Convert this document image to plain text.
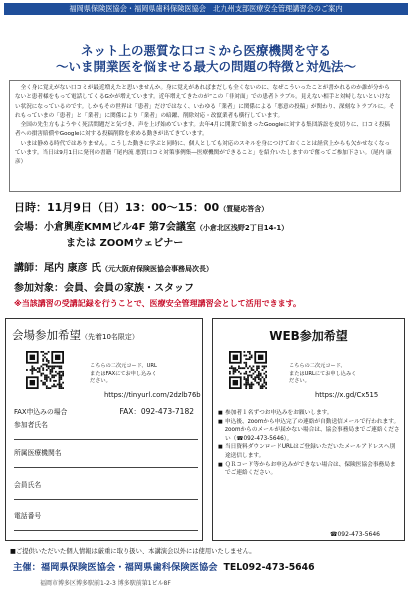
福岡県保険医協会・福岡県歯科保険医協会　北九州支部医療安全管理講習会のご案内
ネット上の悪質な口コミから医療機関を守る
～いま開業医を悩ませる最大の問題の特徴と対処法～

　全く身に覚えがない口コミが最近増えたと思いませんか。身に覚えがあればまだしも全くないのに、なぜこういったことが書かれるのか誰が分からないと患者様をもって電話してくるGかが増えています。近年増えてきたのが“この「非対面」での患者トラブル。見えない相手と対峙しないといけない状況になっているのです。しかもその世界は「患者」だけではなく、いわゆる「業者」に関係による「悪意の投稿」が関わり、深刻なトラブルに。それもっていまの「患者」と「業者」に関係により「業者」の暗躍、削除対応・改竄業者も横行しています。

　全国の先生方もようやく死活問題だと気づき、声を上げ始めています。去年4月に開業で始まったGoogleに対する集団訴訟を皮切りに、口コミ投稿者への損害賠償やGoogleに対する投稿削除を求める動きが出てきています。

　いまは静める時代ではありません。こうした動きに学ぶと同時に、個人としても対応のスキルを身につけておくことは経営上からも欠かせなくなっています。当日は9月1日に発刊の書籍「尾内流 悪質口コミ対策事例集―医療機関ができること」を紹介いたしますので奮ってご参加下さい。（尾内 康彦）

日時：11月9日（日）13：00～15：00（質疑応答含）
会場：小倉興産KMMビル4F 第7会議室（小倉北区浅野2丁目14-1）
または ZOOMウェビナー
講師：尾内 康彦 氏（元大阪府保険医協会事務局次長）
参加対象：会員、会員の家族・スタッフ
※当該講習の受講記録を行うことで、医療安全管理講習会として活用できます。
会場参加希望（先着10名限定）
こちらの二次元コード、URL
またはFAXにてお申し込みく
ださい。
https://tinyurl.com/2dzlb76b
FAX申込みの場合	FAX：092-473-7182
参加者氏名
所属医療機関名
会員氏名
電話番号
WEB参加希望
こちらの二次元コード、
またはURLにてお申し込みく
ださい。
https://x.gd/Cx515
■ 参加者１名ずつお申込みをお願いします。
■ 申込後、zoomから申込完了の連絡が自動送信メールで行われます。zoomからのメールが届かない場合は、協会事務局までご連絡ください（☎092-473-5646）。
■ 当日資料ダウンロードURLはご登録いただいたメールアドレスへ別途送信します。
■ ＱＲコード等からお申込みができない場合は、保険医協会事務局までご連絡ください。
☎092-473-5646
■ご提供いただいた個人情報は厳重に取り扱い、本講演会以外には使用いたしません。
主催：福岡県保険医協会・福岡県歯科保険医協会 TEL092-473-5646
福岡市博多区博多駅前1-2-3 博多駅前第1ビル8F
